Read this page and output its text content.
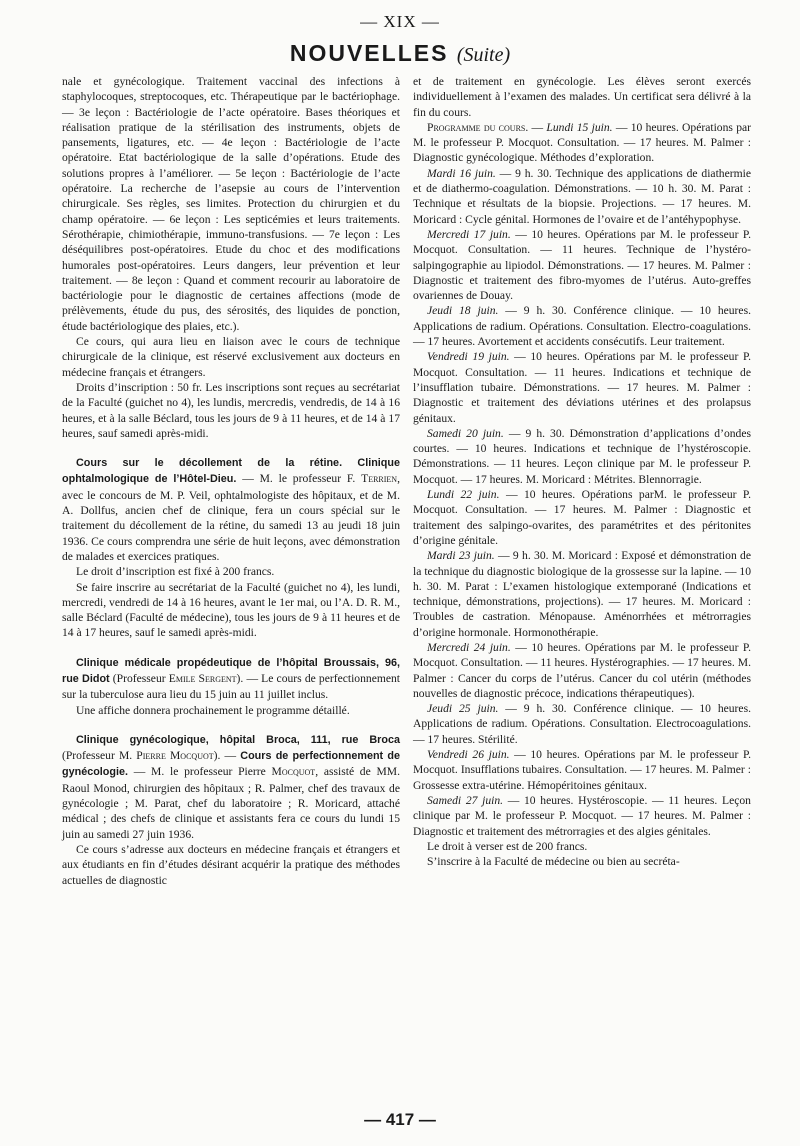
— XIX —
NOUVELLES (Suite)

nale et gynécologique. Traitement vaccinal des infections à staphylocoques, streptocoques, etc. Thérapeutique par le bactériophage. — 3e leçon : Bactériologie de l’acte opératoire. Bases théoriques et réalisation pratique de la stérilisation des instruments, objets de pansements, ligatures, etc. — 4e leçon : Bactériologie de l’acte opératoire. Etat bactériologique de la salle d’opérations. Etude des solutions propres à l’améliorer. — 5e leçon : Bactériologie de l’acte opératoire. La recherche de l’asepsie au cours de l’intervention chirurgicale. Ses règles, ses limites. Protection du chirurgien et du champ opératoire. — 6e leçon : Les septicémies et leurs traitements. Sérothérapie, chimiothérapie, immuno-transfusions. — 7e leçon : Les déséquilibres post-opératoires. Etude du choc et des modifications humorales post-opératoires. Leurs dangers, leur prévention et leur traitement. — 8e leçon : Quand et comment recourir au laboratoire de bactériologie pour le diagnostic de certaines affections (mode de prélèvements, étude du pus, des sérosités, des liquides de ponction, étude bactériologique des plaies, etc.).

Ce cours, qui aura lieu en liaison avec le cours de technique chirurgicale de la clinique, est réservé exclusivement aux docteurs en médecine français et étrangers.

Droits d’inscription : 50 fr. Les inscriptions sont reçues au secrétariat de la Faculté (guichet no 4), les lundis, mercredis, vendredis, de 14 à 16 heures, et à la salle Béclard, tous les jours de 9 à 11 heures, et de 14 à 17 heures, sauf samedi après-midi.

Cours sur le décollement de la rétine. Clinique ophtalmologique de l’Hôtel-Dieu. — M. le professeur F. Terrien, avec le concours de M. P. Veil, ophtalmologiste des hôpitaux, et de M. A. Dollfus, ancien chef de clinique, fera un cours spécial sur le traitement du décollement de la rétine, du samedi 13 au jeudi 18 juin 1936. Ce cours comprendra une série de huit leçons, avec démonstration de malades et exercices pratiques.

Le droit d’inscription est fixé à 200 francs.

Se faire inscrire au secrétariat de la Faculté (guichet no 4), les lundi, mercredi, vendredi de 14 à 16 heures, avant le 1er mai, ou l’A. D. R. M., salle Béclard (Faculté de médecine), tous les jours de 9 à 11 heures et de 14 à 17 heures, sauf le samedi après-midi.

Clinique médicale propédeutique de l’hôpital Broussais, 96, rue Didot (Professeur Emile Sergent). — Le cours de perfectionnement sur la tuberculose aura lieu du 15 juin au 11 juillet inclus.

Une affiche donnera prochainement le programme détaillé.

Clinique gynécologique, hôpital Broca, 111, rue Broca (Professeur M. Pierre Mocquot). — Cours de perfectionnement de gynécologie. — M. le professeur Pierre Mocquot, assisté de MM. Raoul Monod, chirurgien des hôpitaux ; R. Palmer, chef des travaux de gynécologie ; M. Parat, chef du laboratoire ; R. Moricard, attaché médical ; des chefs de clinique et assistants fera ce cours du lundi 15 juin au samedi 27 juin 1936.

Ce cours s’adresse aux docteurs en médecine français et étrangers et aux étudiants en fin d’études désirant acquérir la pratique des méthodes actuelles de diagnostic

et de traitement en gynécologie. Les élèves seront exercés individuellement à l’examen des malades. Un certificat sera délivré à la fin du cours.

Programme du cours. — Lundi 15 juin. — 10 heures. Opérations par M. le professeur P. Mocquot. Consultation. — 17 heures. M. Palmer : Diagnostic gynécologique. Méthodes d’exploration.

Mardi 16 juin. — 9 h. 30. Technique des applications de diathermie et de diathermo-coagulation. Démonstrations. — 10 h. 30. M. Parat : Technique et résultats de la biopsie. Projections. — 17 heures. M. Moricard : Cycle génital. Hormones de l’ovaire et de l’antéhypophyse.

Mercredi 17 juin. — 10 heures. Opérations par M. le professeur P. Mocquot. Consultation. — 11 heures. Technique de l’hystéro-salpingographie au lipiodol. Démonstrations. — 17 heures. M. Palmer : Diagnostic et traitement des fibro-myomes de l’utérus. Auto-greffes ovariennes de Douay.

Jeudi 18 juin. — 9 h. 30. Conférence clinique. — 10 heures. Applications de radium. Opérations. Consultation. Electro-coagulations. — 17 heures. Avortement et accidents consécutifs. Leur traitement.

Vendredi 19 juin. — 10 heures. Opérations par M. le professeur P. Mocquot. Consultation. — 11 heures. Indications et technique de l’insufflation tubaire. Démonstrations. — 17 heures. M. Palmer : Diagnostic et traitement des déviations utérines et des prolapsus génitaux.

Samedi 20 juin. — 9 h. 30. Démonstration d’applications d’ondes courtes. — 10 heures. Indications et technique de l’hystéroscopie. Démonstrations. — 11 heures. Leçon clinique par M. le professeur P. Mocquot. — 17 heures. M. Moricard : Métrites. Blennorragie.

Lundi 22 juin. — 10 heures. Opérations parM. le professeur P. Mocquot. Consultation. — 17 heures. M. Palmer : Diagnostic et traitement des salpingo-ovarites, des paramétrites et des péritonites d’origine génitale.

Mardi 23 juin. — 9 h. 30. M. Moricard : Exposé et démonstration de la technique du diagnostic biologique de la grossesse sur la lapine. — 10 h. 30. M. Parat : L’examen histologique extemporané (Indications et technique, démonstrations, projections). — 17 heures. M. Moricard : Troubles de castration. Ménopause. Aménorrhées et métrorragies d’origine hormonale. Hormonothérapie.

Mercredi 24 juin. — 10 heures. Opérations par M. le professeur P. Mocquot. Consultation. — 11 heures. Hystérographies. — 17 heures. M. Palmer : Cancer du corps de l’utérus. Cancer du col utérin (méthodes nouvelles de diagnostic précoce, indications thérapeutiques).

Jeudi 25 juin. — 9 h. 30. Conférence clinique. — 10 heures. Applications de radium. Opérations. Consultation. Electrocoagulations. — 17 heures. Stérilité.

Vendredi 26 juin. — 10 heures. Opérations par M. le professeur P. Mocquot. Insufflations tubaires. Consultation. — 17 heures. M. Palmer : Grossesse extra-utérine. Hémopéritoines génitaux.

Samedi 27 juin. — 10 heures. Hystéroscopie. — 11 heures. Leçon clinique par M. le professeur P. Mocquot. — 17 heures. M. Palmer : Diagnostic et traitement des métrorragies et des algies génitales.

Le droit à verser est de 200 francs.

S’inscrire à la Faculté de médecine ou bien au secréta-

— 417 —
